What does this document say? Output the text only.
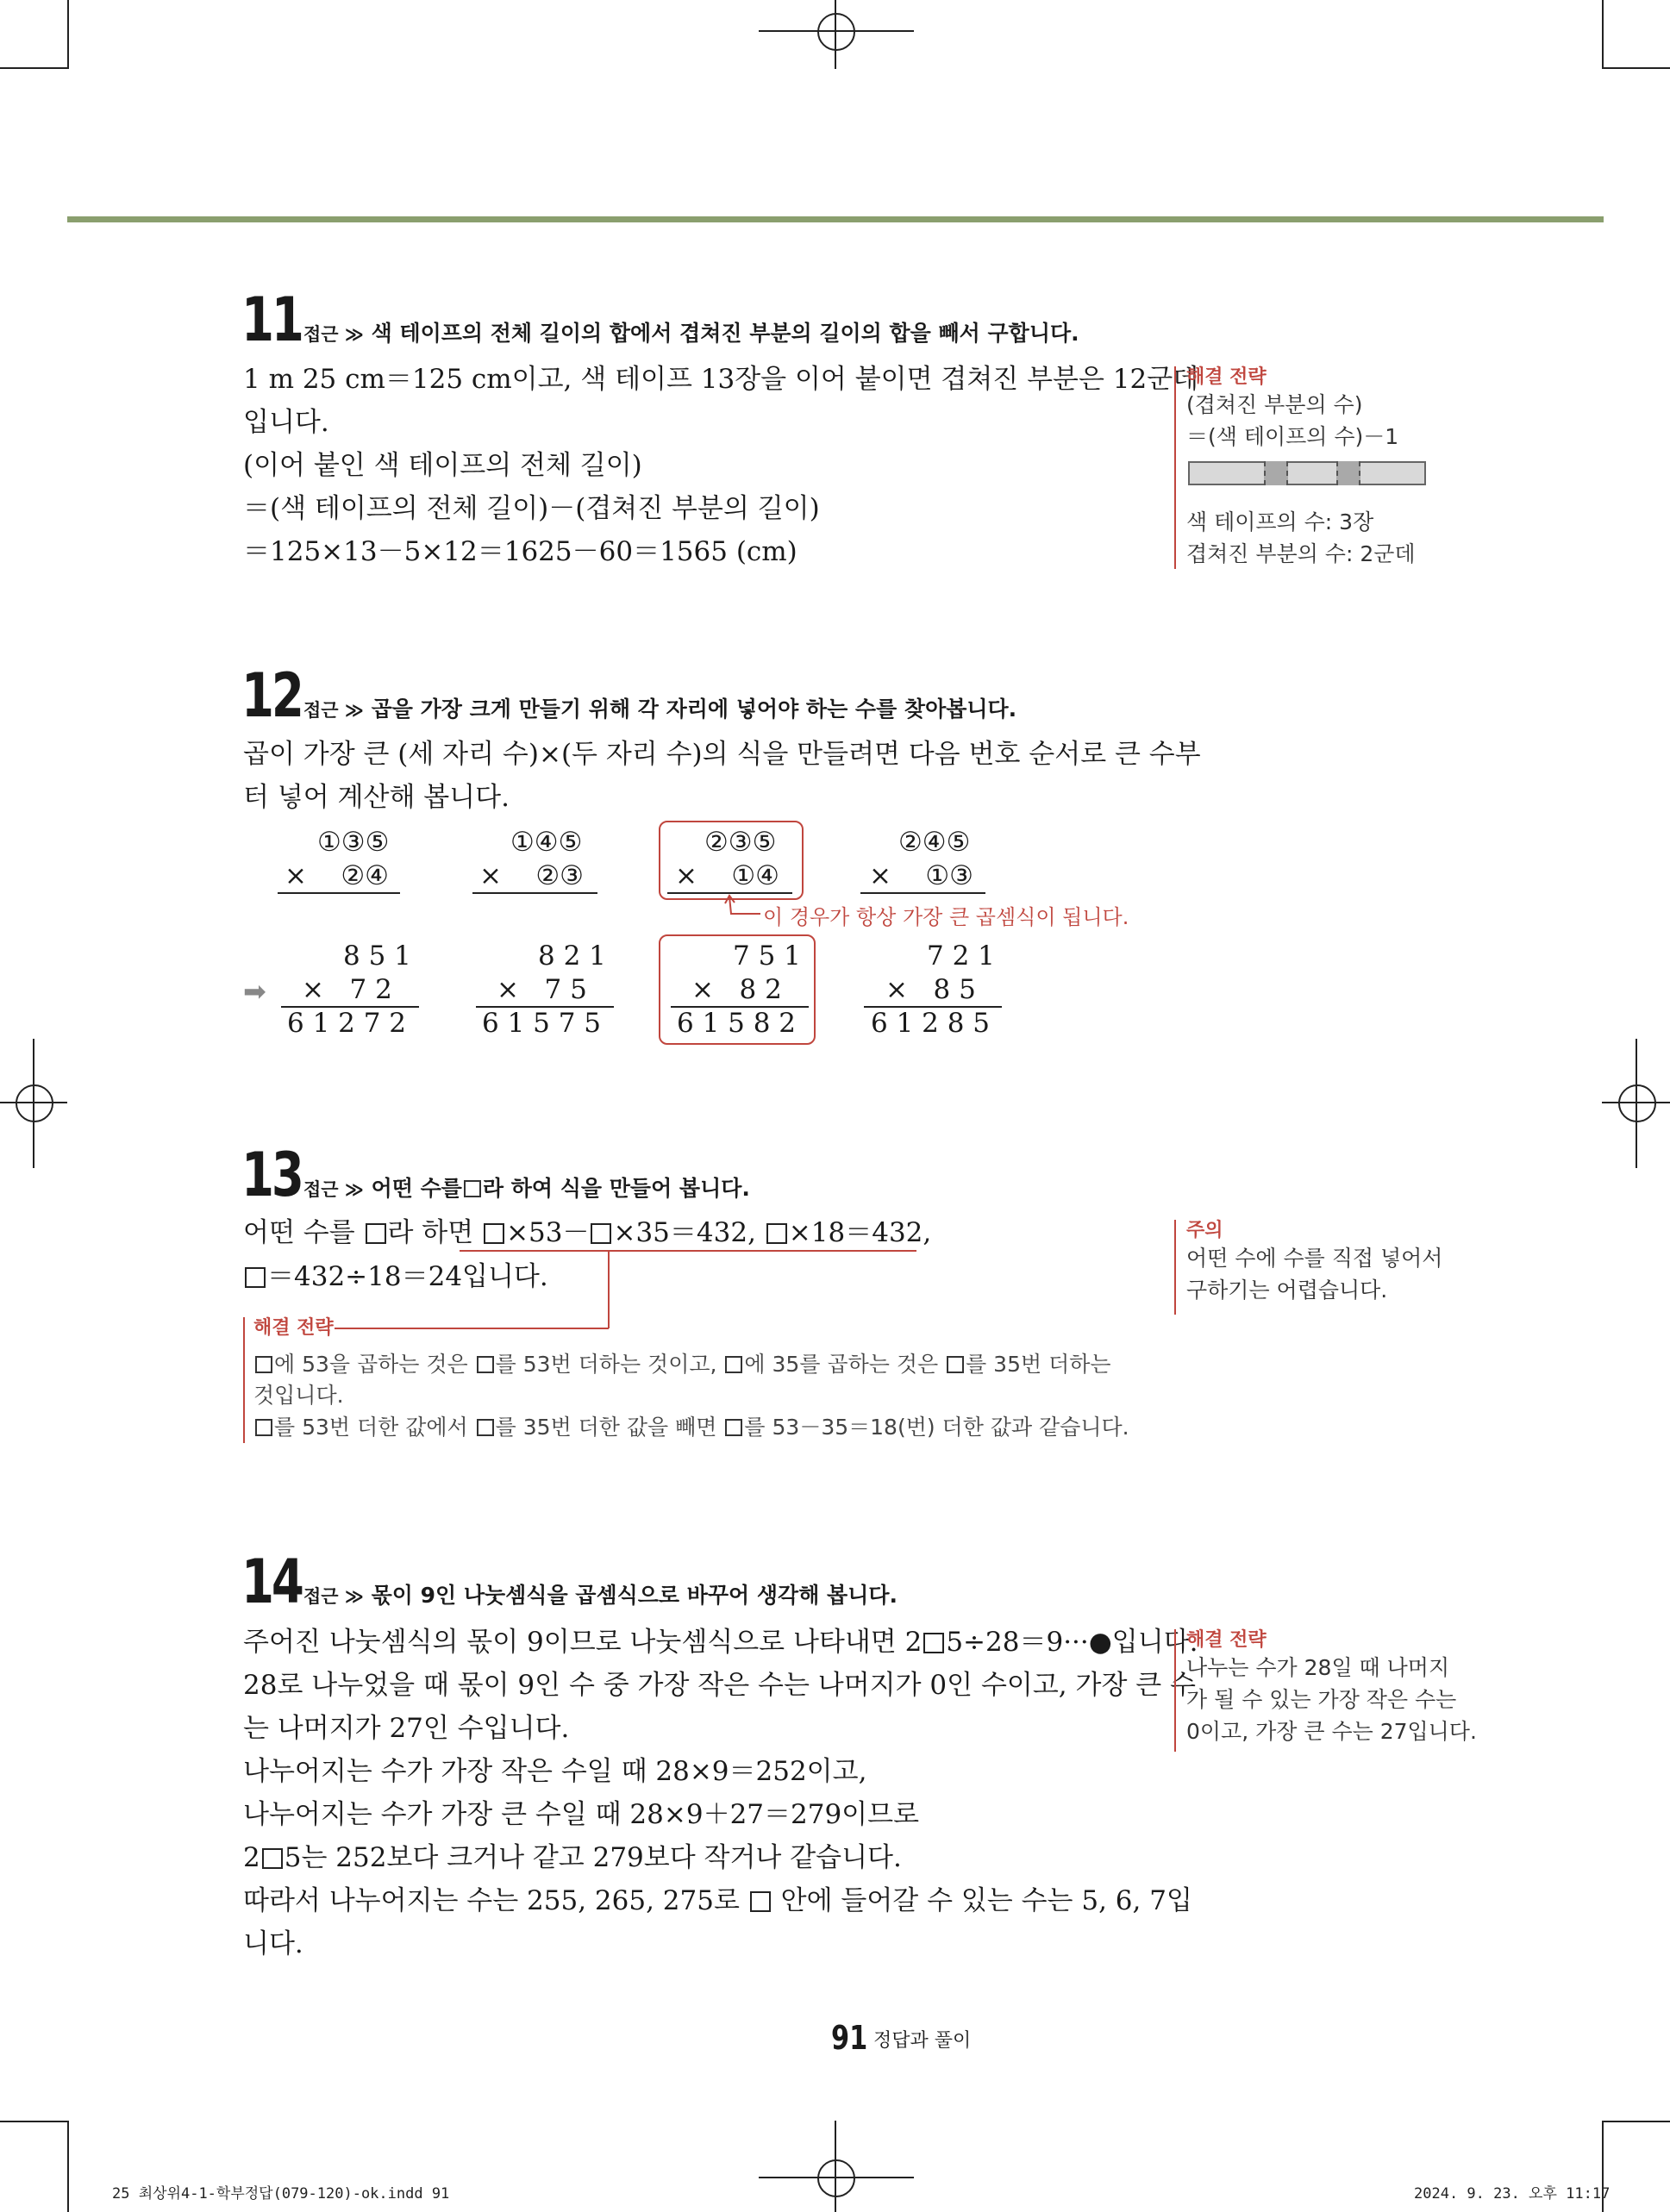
11 접근 ≫ 색 테이프의 전체 길이의 합에서 겹쳐진 부분의 길이의 합을 빼서 구합니다.
1 m 25 cm＝125 cm이고, 색 테이프 13장을 이어 붙이면 겹쳐진 부분은 12군데
입니다.
(이어 붙인 색 테이프의 전체 길이)
＝(색 테이프의 전체 길이)－(겹쳐진 부분의 길이)
＝125×13－5×12＝1625－60＝1565 (cm)
해결 전략
(겹쳐진 부분의 수)
＝(색 테이프의 수)－1
색 테이프의 수: 3장
겹쳐진 부분의 수: 2군데
12 접근 ≫ 곱을 가장 크게 만들기 위해 각 자리에 넣어야 하는 수를 찾아봅니다.
곱이 가장 큰 (세 자리 수)×(두 자리 수)의 식을 만들려면 다음 번호 순서로 큰 수부
터 넣어 계산해 봅니다.
①③⑤
×    ②④
①④⑤
×    ②③
②③⑤
×    ①④
②④⑤
×    ①③
이 경우가 항상 가장 큰 곱셈식이 됩니다.
➡
8 5 1
×   7 2
6 1 2 7 2
8 2 1
×   7 5
6 1 5 7 5
7 5 1
×   8 2
6 1 5 8 2
7 2 1
×   8 5
6 1 2 8 5
13 접근 ≫ 어떤 수를 라 하여 식을 만들어 봅니다.
어떤 수를 라 하면 ×53－ ×35＝432, ×18＝432,
＝432÷18＝24입니다.
해결 전략
에 53을 곱하는 것은 를 53번 더하는 것이고, 에 35를 곱하는 것은 를 35번 더하는
것입니다.
를 53번 더한 값에서 를 35번 더한 값을 빼면 를 53－35＝18(번) 더한 값과 같습니다.
주의
어떤 수에 수를 직접 넣어서
구하기는 어렵습니다.
14 접근 ≫ 몫이 9인 나눗셈식을 곱셈식으로 바꾸어 생각해 봅니다.
주어진 나눗셈식의 몫이 9이므로 나눗셈식으로 나타내면 2 5÷28＝9···●입니다.
28로 나누었을 때 몫이 9인 수 중 가장 작은 수는 나머지가 0인 수이고, 가장 큰 수
는 나머지가 27인 수입니다.
나누어지는 수가 가장 작은 수일 때 28×9＝252이고,
나누어지는 수가 가장 큰 수일 때 28×9＋27＝279이므로
2 5는 252보다 크거나 같고 279보다 작거나 같습니다.
따라서 나누어지는 수는 255, 265, 275로 안에 들어갈 수 있는 수는 5, 6, 7입
니다.
해결 전략
나누는 수가 28일 때 나머지
가 될 수 있는 가장 작은 수는
0이고, 가장 큰 수는 27입니다.
91 정답과 풀이
25 최상위4-1-학부정답(079-120)-ok.indd 91	2024. 9. 23. 오후 11:17
